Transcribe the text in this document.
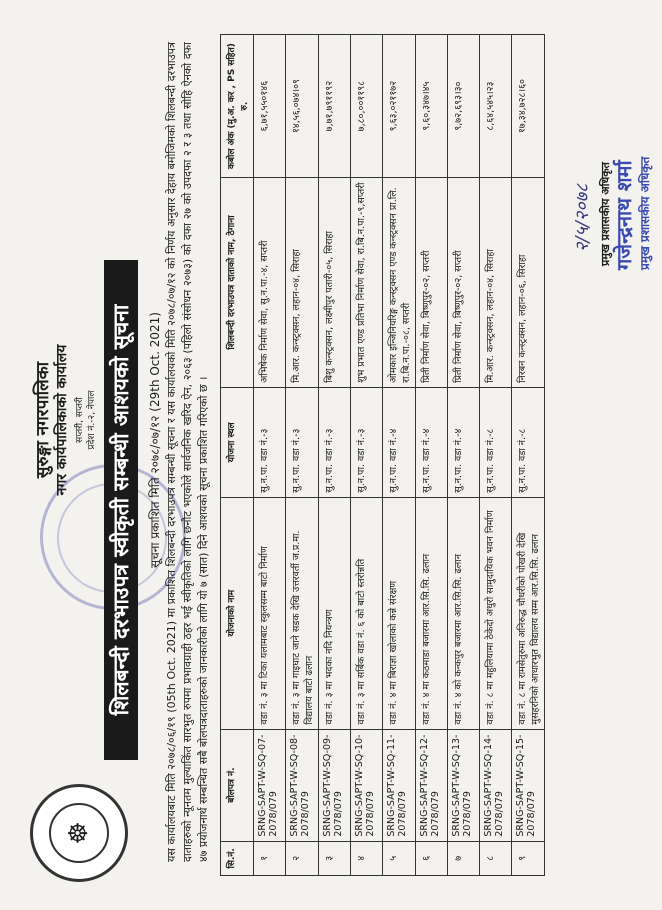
☸
सुरुङ्गा नगरपालिका नगर कार्यपालिकाको कार्यालय सप्तरी, सप्तरी प्रदेश नं.-२, नेपाल शिलबन्दी दरभाउपत्र स्वीकृती सम्बन्धी आशयको सूचना	सूचना प्रकाशित मिति २०७८/०७/१२ (29th Oct. 2021) यस कार्यालयबाट मिति २०७८/०६/१९ (05th Oct. 2021) मा प्रकाशित शिलबन्दी दरभाउपत्र सम्बन्धी सूचना र यस कार्यालयको मिति २०७८/०७/१२ को निर्णय अनुसार देहाय बमोजिमको शिलबन्दी दरभाउपत्र दाताहरुको न्यूनतम मुल्याकिंत सारभुत रुपमा प्रभावग्राही ठहर भई स्वीकृतिको लागि छनौट भएकोले सार्वजनिक खरिद ऐन, २०६३ (पहिलो संसोधन २०७३) को दफा २७ को उपदफा २ र ३ तथा सोहि ऐनको दफा ४७ प्रयोजनार्थ सम्बन्धित सबै बोलपत्रदाताहरुको जानकारीको लागि यो ७ (सात) दिने आशयको सूचना प्रकाशित गरिएको छ । सि.नं.	बोलपत्र नं.	योजनाको नाम	योजना स्थल	शिलबन्दी दरभाउपत्र दाताको नाम, ठेगाना	कबोल अंक (मु.अ. कर , PS सहित) रु.
१	SRNG-SAPT-W-SQ-07-2078/079	वडा नं. ३ मा टिका यलामबाट स्कुलसम्म बाटो निर्माण	सु.न.पा. वडा नं.-३	अभिषेक निर्माण सेवा, सु.न.पा.-४, सप्तरी	६,७१,५५०१४६
२	SRNG-SAPT-W-SQ-08-2078/079	वडा नं. ३ मा गाइघाट जाने सडक देखि उत्तरवर्ती ज.प्र.मा. विद्यालय बाटो ढलान	सु.न.पा. वडा नं.-३	मि.आर. कन्स्ट्रक्सन, लहान-०४, सिराहा	१४,५६,०७४।०९
३	SRNG-SAPT-W-SQ-09-2078/079	वडा नं. ३ मा भदका नदि नियन्त्रण	सु.न.पा. वडा नं.-३	बिशु कन्स्ट्रक्सन, लक्ष्मीपुर पतारी-०५, सिराहा	७,७१,७९११९२
४	SRNG-SAPT-W-SQ-10-2078/079	वडा नं. ३ मा सर्बिक वडा नं. ६ को बाटो स्तरोन्नति	सु.न.पा. वडा नं.-३	शुभ प्रभात एण्ड प्रतिभा निर्माण सेवा, रा.बि.न.पा.-९,सप्तरी	७,८०,००११९८
५	SRNG-SAPT-W-SQ-11-2078/079	वडा नं. ४ मा बिराज्ञा खोलाको कन्ने संरक्षण	सु.न.पा. वडा नं.-४	ओमकार इन्जिनियरिङ्ग कन्स्ट्रक्सन एण्ड कन्स्ट्रक्सन प्रा.लि. रा.बि.न.पा.-०८, सप्तरी	९,६३,०२११७२
६	SRNG-SAPT-W-SQ-12-2078/079	वडा नं. ४ मा कठमाडा बजारमा आर.सि.सि. ढलान	सु.न.पा. वडा नं.-४	प्रिती निर्माण सेवा, बिष्णुपुर-०२, सप्तरी	९,६०,३४७।४५
७	SRNG-SAPT-W-SQ-13-2078/079	वडा नं. ४ को कन्कपुर बजारमा आर.सि.सि. ढलान	सु.न.पा. वडा नं.-४	प्रिती निर्माण सेवा, बिष्णुपुर-०२, सप्तरी	९,७२,६९३।३०
८	SRNG-SAPT-W-SQ-14-2078/079	वडा नं. ८ मा महुलियामा ठेकेदो अधुरो सामुदायिक भवन निर्माण	सु.न.पा. वडा नं.-८	मि.आर. कन्स्ट्रक्सन, लहान-०४, सिराहा	८,६४,५४५।२३
९	SRNG-SAPT-W-SQ-15-2078/079	वडा नं. ८ मा रामसेतुरुमा अनिरुद्ध चौधरीको पोखरी देखि मुसहरनिको आधारभुत विद्यालय सम्म आर.सि.सि. ढलान	सु.न.पा. वडा नं.-८	निरबन कन्स्ट्रक्सन, लहान-०६, सिराहा	१७,३४,७२८।६०
२/५/२०७८ प्रमुख प्रशासकीय अधिकृत गजेन्द्रनाथ शर्मा प्रमुख प्रशासकीय अधिकृत
